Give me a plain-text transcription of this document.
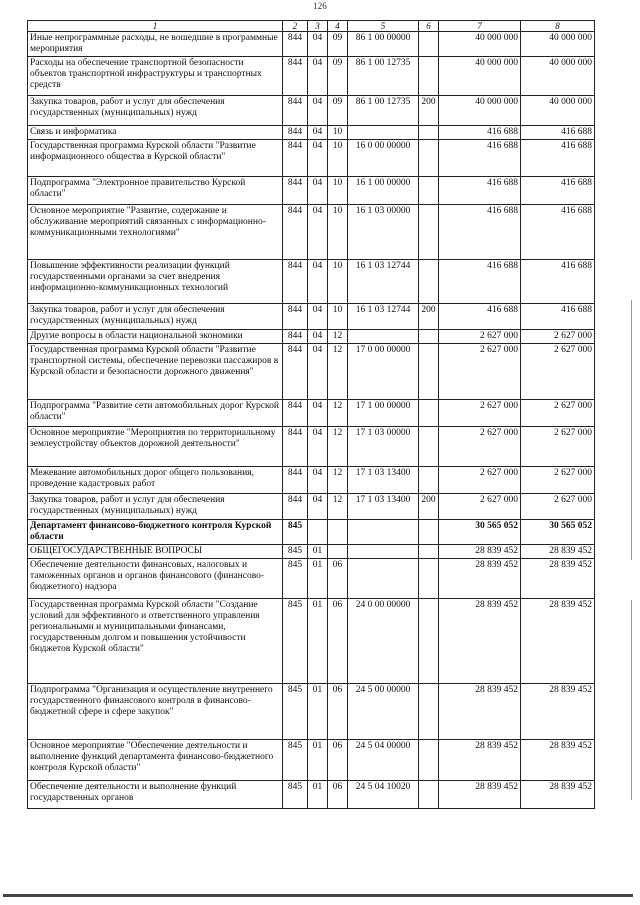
126
1	2	3	4	5	6	7	8
Иные непрограммные расходы, не вошедшие в программные мероприятия	844	04	09	86 1 00 00000		40 000 000	40 000 000
Расходы на обеспечение транспортной безопасности объектов транспортной инфраструктуры и транспортных средств	844	04	09	86 1 00 12735		40 000 000	40 000 000
Закупка товаров, работ и услуг для обеспечения государственных (муниципальных) нужд	844	04	09	86 1 00 12735	200	40 000 000	40 000 000
Связь и информатика	844	04	10			416 688	416 688
Государственная программа Курской области "Развитие информационного общества в Курской области"	844	04	10	16 0 00 00000		416 688	416 688
Подпрограмма "Электронное правительство Курской области"	844	04	10	16 1 00 00000		416 688	416 688
Основное мероприятие "Развитие, содержание и обслуживание мероприятий связанных с информационно-коммуникационными технологиями"	844	04	10	16 1 03 00000		416 688	416 688
Повышение эффективности реализации функций государственными органами за счет внедрения информационно-коммуникационных технологий	844	04	10	16 1 03 12744		416 688	416 688
Закупка товаров, работ и услуг для обеспечения государственных (муниципальных) нужд	844	04	10	16 1 03 12744	200	416 688	416 688
Другие вопросы в области национальной экономики	844	04	12			2 627 000	2 627 000
Государственная программа Курской области "Развитие транспортной системы, обеспечение перевозки пассажиров в Курской области и безопасности дорожного движения"	844	04	12	17 0 00 00000		2 627 000	2 627 000
Подпрограмма "Развитие сети автомобильных дорог Курской области"	844	04	12	17 1 00 00000		2 627 000	2 627 000
Основное мероприятие "Мероприятия по территориальному землеустройству объектов дорожной деятельности"	844	04	12	17 1 03 00000		2 627 000	2 627 000
Межевание автомобильных дорог общего пользования, проведение кадастровых работ	844	04	12	17 1 03 13400		2 627 000	2 627 000
Закупка товаров, работ и услуг для обеспечения государственных (муниципальных) нужд	844	04	12	17 1 03 13400	200	2 627 000	2 627 000
Департамент финансово-бюджетного контроля Курской области	845					30 565 052	30 565 052
ОБЩЕГОСУДАРСТВЕННЫЕ ВОПРОСЫ	845	01				28 839 452	28 839 452
Обеспечение деятельности финансовых, налоговых и таможенных органов и органов финансового (финансово-бюджетного) надзора	845	01	06			28 839 452	28 839 452
Государственная программа Курской области "Создание условий для эффективного и ответственного управления региональными и муниципальными финансами, государственным долгом и повышения устойчивости бюджетов Курской области"	845	01	06	24 0 00 00000		28 839 452	28 839 452
Подпрограмма "Организация и осуществление внутреннего государственного финансового контроля в финансово-бюджетной сфере и сфере закупок"	845	01	06	24 5 00 00000		28 839 452	28 839 452
Основное мероприятие "Обеспечение деятельности и выполнение функций департамента финансово-бюджетного контроля Курской области"	845	01	06	24 5 04 00000		28 839 452	28 839 452
Обеспечение деятельности и выполнение функций государственных органов	845	01	06	24 5 04 10020		28 839 452	28 839 452
